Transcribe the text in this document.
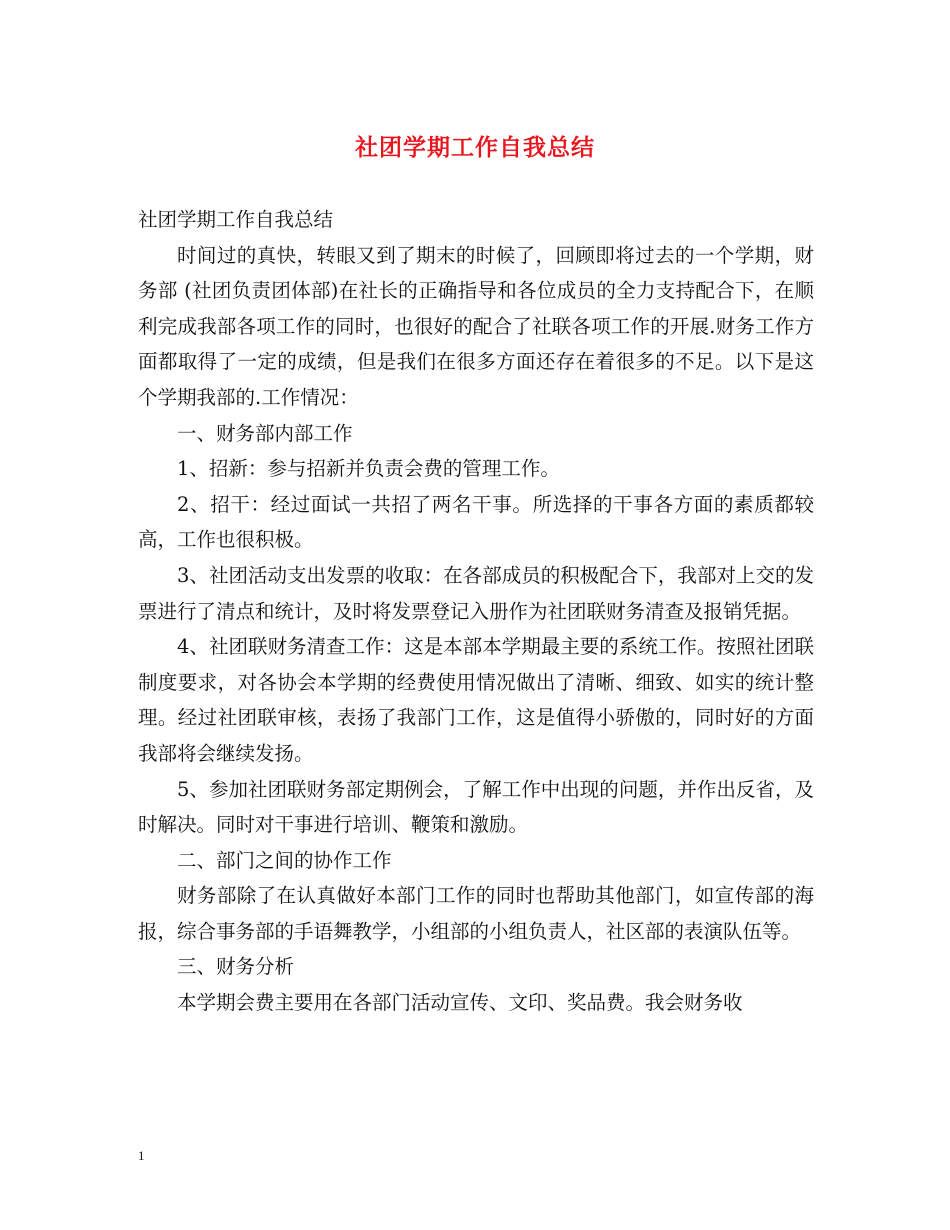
社团学期工作自我总结

社团学期工作自我总结

时间过的真快，转眼又到了期末的时候了，回顾即将过去的一个学期，财务部 (社团负责团体部)在社长的正确指导和各位成员的全力支持配合下，在顺利完成我部各项工作的同时，也很好的配合了社联各项工作的开展.财务工作方面都取得了一定的成绩，但是我们在很多方面还存在着很多的不足。以下是这个学期我部的.工作情况：

一、财务部内部工作

1、招新：参与招新并负责会费的管理工作。

2、招干：经过面试一共招了两名干事。所选择的干事各方面的素质都较高，工作也很积极。

3、社团活动支出发票的收取：在各部成员的积极配合下，我部对上交的发票进行了清点和统计，及时将发票登记入册作为社团联财务清查及报销凭据。

4、社团联财务清查工作：这是本部本学期最主要的系统工作。按照社团联制度要求，对各协会本学期的经费使用情况做出了清晰、细致、如实的统计整理。经过社团联审核，表扬了我部门工作，这是值得小骄傲的，同时好的方面我部将会继续发扬。

5、参加社团联财务部定期例会，了解工作中出现的问题，并作出反省，及时解决。同时对干事进行培训、鞭策和激励。

二、部门之间的协作工作

财务部除了在认真做好本部门工作的同时也帮助其他部门，如宣传部的海报，综合事务部的手语舞教学，小组部的小组负责人，社区部的表演队伍等。

三、财务分析

本学期会费主要用在各部门活动宣传、文印、奖品费。我会财务收

1
